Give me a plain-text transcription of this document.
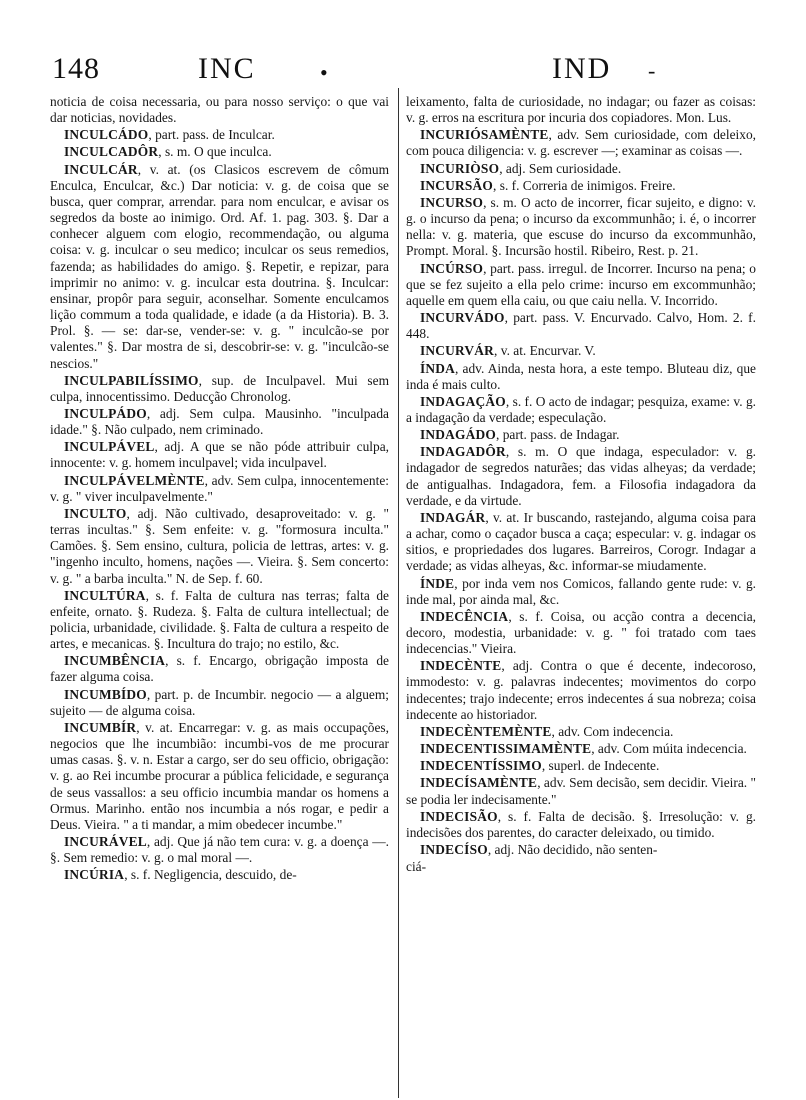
148	INC	•	IND -
noticia de coisa necessaria, ou para nosso serviço: o que vai dar noticias, novidades.
INCULCÁDO, part. pass. de Inculcar.
INCULCADÔR, s. m. O que inculca.
INCULCÁR, v. at. (os Clasicos escrevem de cômum Enculca, Enculcar, &c.) Dar noticia: v. g. de coisa que se busca, quer comprar, arrendar. para nom enculcar, e avisar os segredos da boste ao inimigo. Ord. Af. 1. pag. 303. §. Dar a conhecer alguem com elogio, recommendação, ou alguma coisa: v. g. inculcar o seu medico; inculcar os seus remedios, fazenda; as habilidades do amigo. §. Repetir, e repizar, para imprimir no animo: v. g. inculcar esta doutrina. §. Inculcar: ensinar, propôr para seguir, aconselhar. Somente enculcamos lição commum a toda qualidade, e idade (a da Historia). B. 3. Prol. §. — se: dar-se, vender-se: v. g. " inculcão-se por valentes." §. Dar mostra de si, descobrir-se: v. g. "inculcão-se nescios."
INCULPABILÍSSIMO, sup. de Inculpavel. Mui sem culpa, innocentissimo. Deducção Chronolog.
INCULPÁDO, adj. Sem culpa. Mausinho. "inculpada idade." §. Não culpado, nem criminado.
INCULPÁVEL, adj. A que se não póde attribuir culpa, innocente: v. g. homem inculpavel; vida inculpavel.
INCULPÁVELMÈNTE, adv. Sem culpa, innocentemente: v. g. " viver inculpavelmente."
INCULTO, adj. Não cultivado, desaproveitado: v. g. " terras incultas." §. Sem enfeite: v. g. "formosura inculta." Camões. §. Sem ensino, cultura, policia de lettras, artes: v. g. "ingenho inculto, homens, nações —. Vieira. §. Sem concerto: v. g. " a barba inculta." N. de Sep. f. 60.
INCULTÚRA, s. f. Falta de cultura nas terras; falta de enfeite, ornato. §. Rudeza. §. Falta de cultura intellectual; de policia, urbanidade, civilidade. §. Falta de cultura a respeito de artes, e mecanicas. §. Incultura do trajo; no estilo, &c.
INCUMBÊNCIA, s. f. Encargo, obrigação imposta de fazer alguma coisa.
INCUMBÍDO, part. p. de Incumbir. negocio — a alguem; sujeito — de alguma coisa.
INCUMBÍR, v. at. Encarregar: v. g. as mais occupações, negocios que lhe incumbião: incumbi-vos de me procurar umas casas. §. v. n. Estar a cargo, ser do seu officio, obrigação: v. g. ao Rei incumbe procurar a pública felicidade, e segurança de seus vassallos: a seu officio incumbia mandar os homens a Ormus. Marinho. então nos incumbia a nós rogar, e pedir a Deus. Vieira. " a ti mandar, a mim obedecer incumbe."
INCURÁVEL, adj. Que já não tem cura: v. g. a doença —. §. Sem remedio: v. g. o mal moral —.
INCÚRIA, s. f. Negligencia, descuido, de-
leixamento, falta de curiosidade, no indagar; ou fazer as coisas: v. g. erros na escritura por incuria dos copiadores. Mon. Lus.
INCURIÓSAMÈNTE, adv. Sem curiosidade, com deleixo, com pouca diligencia: v. g. escrever —; examinar as coisas —.
INCURIÒSO, adj. Sem curiosidade.
INCURSÃO, s. f. Correria de inimigos. Freire.
INCURSO, s. m. O acto de incorrer, ficar sujeito, e digno: v. g. o incurso da pena; o incurso da excommunhão; i. é, o incorrer nella: v. g. materia, que escuse do incurso da excommunhão, Prompt. Moral. §. Incursão hostil. Ribeiro, Rest. p. 21.
INCÚRSO, part. pass. irregul. de Incorrer. Incurso na pena; o que se fez sujeito a ella pelo crime: incurso em excommunhão; aquelle em quem ella caiu, ou que caiu nella. V. Incorrido.
INCURVÁDO, part. pass. V. Encurvado. Calvo, Hom. 2. f. 448.
INCURVÁR, v. at. Encurvar. V.
ÍNDA, adv. Ainda, nesta hora, a este tempo. Bluteau diz, que inda é mais culto.
INDAGAÇÃO, s. f. O acto de indagar; pesquiza, exame: v. g. a indagação da verdade; especulação.
INDAGÁDO, part. pass. de Indagar.
INDAGADÔR, s. m. O que indaga, especulador: v. g. indagador de segredos naturães; das vidas alheyas; da verdade; de antigualhas. Indagadora, fem. a Filosofia indagadora da verdade, e da virtude.
INDAGÁR, v. at. Ir buscando, rastejando, alguma coisa para a achar, como o caçador busca a caça; especular: v. g. indagar os sitios, e propriedades dos lugares. Barreiros, Corogr. Indagar a verdade; as vidas alheyas, &c. informar-se miudamente.
ÍNDE, por inda vem nos Comicos, fallando gente rude: v. g. inde mal, por ainda mal, &c.
INDECÊNCIA, s. f. Coisa, ou acção contra a decencia, decoro, modestia, urbanidade: v. g. " foi tratado com taes indecencias." Vieira.
INDECÈNTE, adj. Contra o que é decente, indecoroso, immodesto: v. g. palavras indecentes; movimentos do corpo indecentes; trajo indecente; erros indecentes á sua nobreza; coisa indecente ao historiador.
INDECÈNTEMÈNTE, adv. Com indecencia.
INDECENTISSIMAMÈNTE, adv. Com múita indecencia.
INDECENTÍSSIMO, superl. de Indecente.
INDECÍSAMÈNTE, adv. Sem decisão, sem decidir. Vieira. " se podia ler indecisamente."
INDECISÃO, s. f. Falta de decisão. §. Irresolução: v. g. indecisões dos parentes, do caracter deleixado, ou timido.
INDECÍSO, adj. Não decidido, não senten-
ciá-
